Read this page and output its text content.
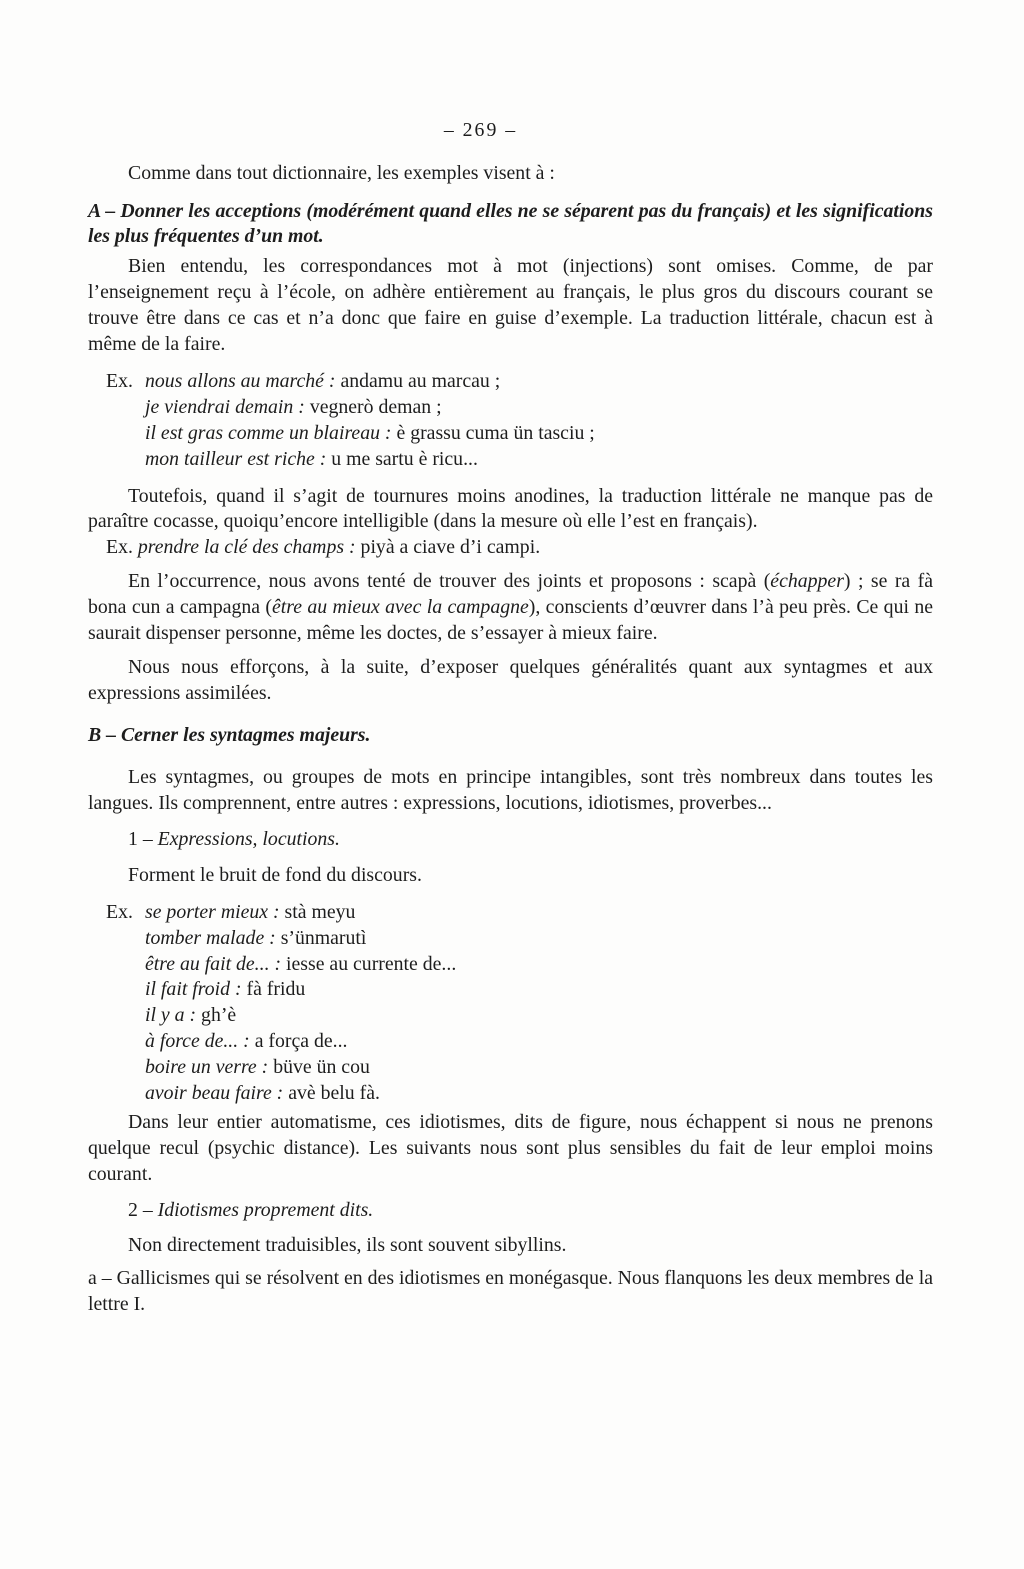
– 269 –

Comme dans tout dictionnaire, les exemples visent à :

A – Donner les acceptions (modérément quand elles ne se séparent pas du français) et les significations les plus fréquentes d’un mot.

Bien entendu, les correspondances mot à mot (injections) sont omises. Comme, de par l’enseignement reçu à l’école, on adhère entièrement au français, le plus gros du discours courant se trouve être dans ce cas et n’a donc que faire en guise d’exemple. La traduction littérale, chacun est à même de la faire.

Ex. nous allons au marché : andamu au marcau ;
je viendrai demain : vegnerò deman ;
il est gras comme un blaireau : è grassu cuma ün tasciu ;
mon tailleur est riche : u me sartu è ricu...

Toutefois, quand il s’agit de tournures moins anodines, la traduction littérale ne manque pas de paraître cocasse, quoiqu’encore intelligible (dans la mesure où elle l’est en français).

Ex. prendre la clé des champs : piyà a ciave d’i campi.

En l’occurrence, nous avons tenté de trouver des joints et proposons : scapà (échapper) ; se ra fà bona cun a campagna (être au mieux avec la campagne), conscients d’œuvrer dans l’à peu près. Ce qui ne saurait dispenser personne, même les doctes, de s’essayer à mieux faire.

Nous nous efforçons, à la suite, d’exposer quelques généralités quant aux syntagmes et aux expressions assimilées.

B – Cerner les syntagmes majeurs.

Les syntagmes, ou groupes de mots en principe intangibles, sont très nombreux dans toutes les langues. Ils comprennent, entre autres : expressions, locutions, idiotismes, proverbes...

1 – Expressions, locutions.

Forment le bruit de fond du discours.

Ex. se porter mieux : stà meyu
tomber malade : s’ünmarutì
être au fait de... : iesse au currente de...
il fait froid : fà fridu
il y a : gh’è
à force de... : a força de...
boire un verre : büve ün cou
avoir beau faire : avè belu fà.

Dans leur entier automatisme, ces idiotismes, dits de figure, nous échappent si nous ne prenons quelque recul (psychic distance). Les suivants nous sont plus sensibles du fait de leur emploi moins courant.

2 – Idiotismes proprement dits.

Non directement traduisibles, ils sont souvent sibyllins.

a – Gallicismes qui se résolvent en des idiotismes en monégasque. Nous flanquons les deux membres de la lettre I.
